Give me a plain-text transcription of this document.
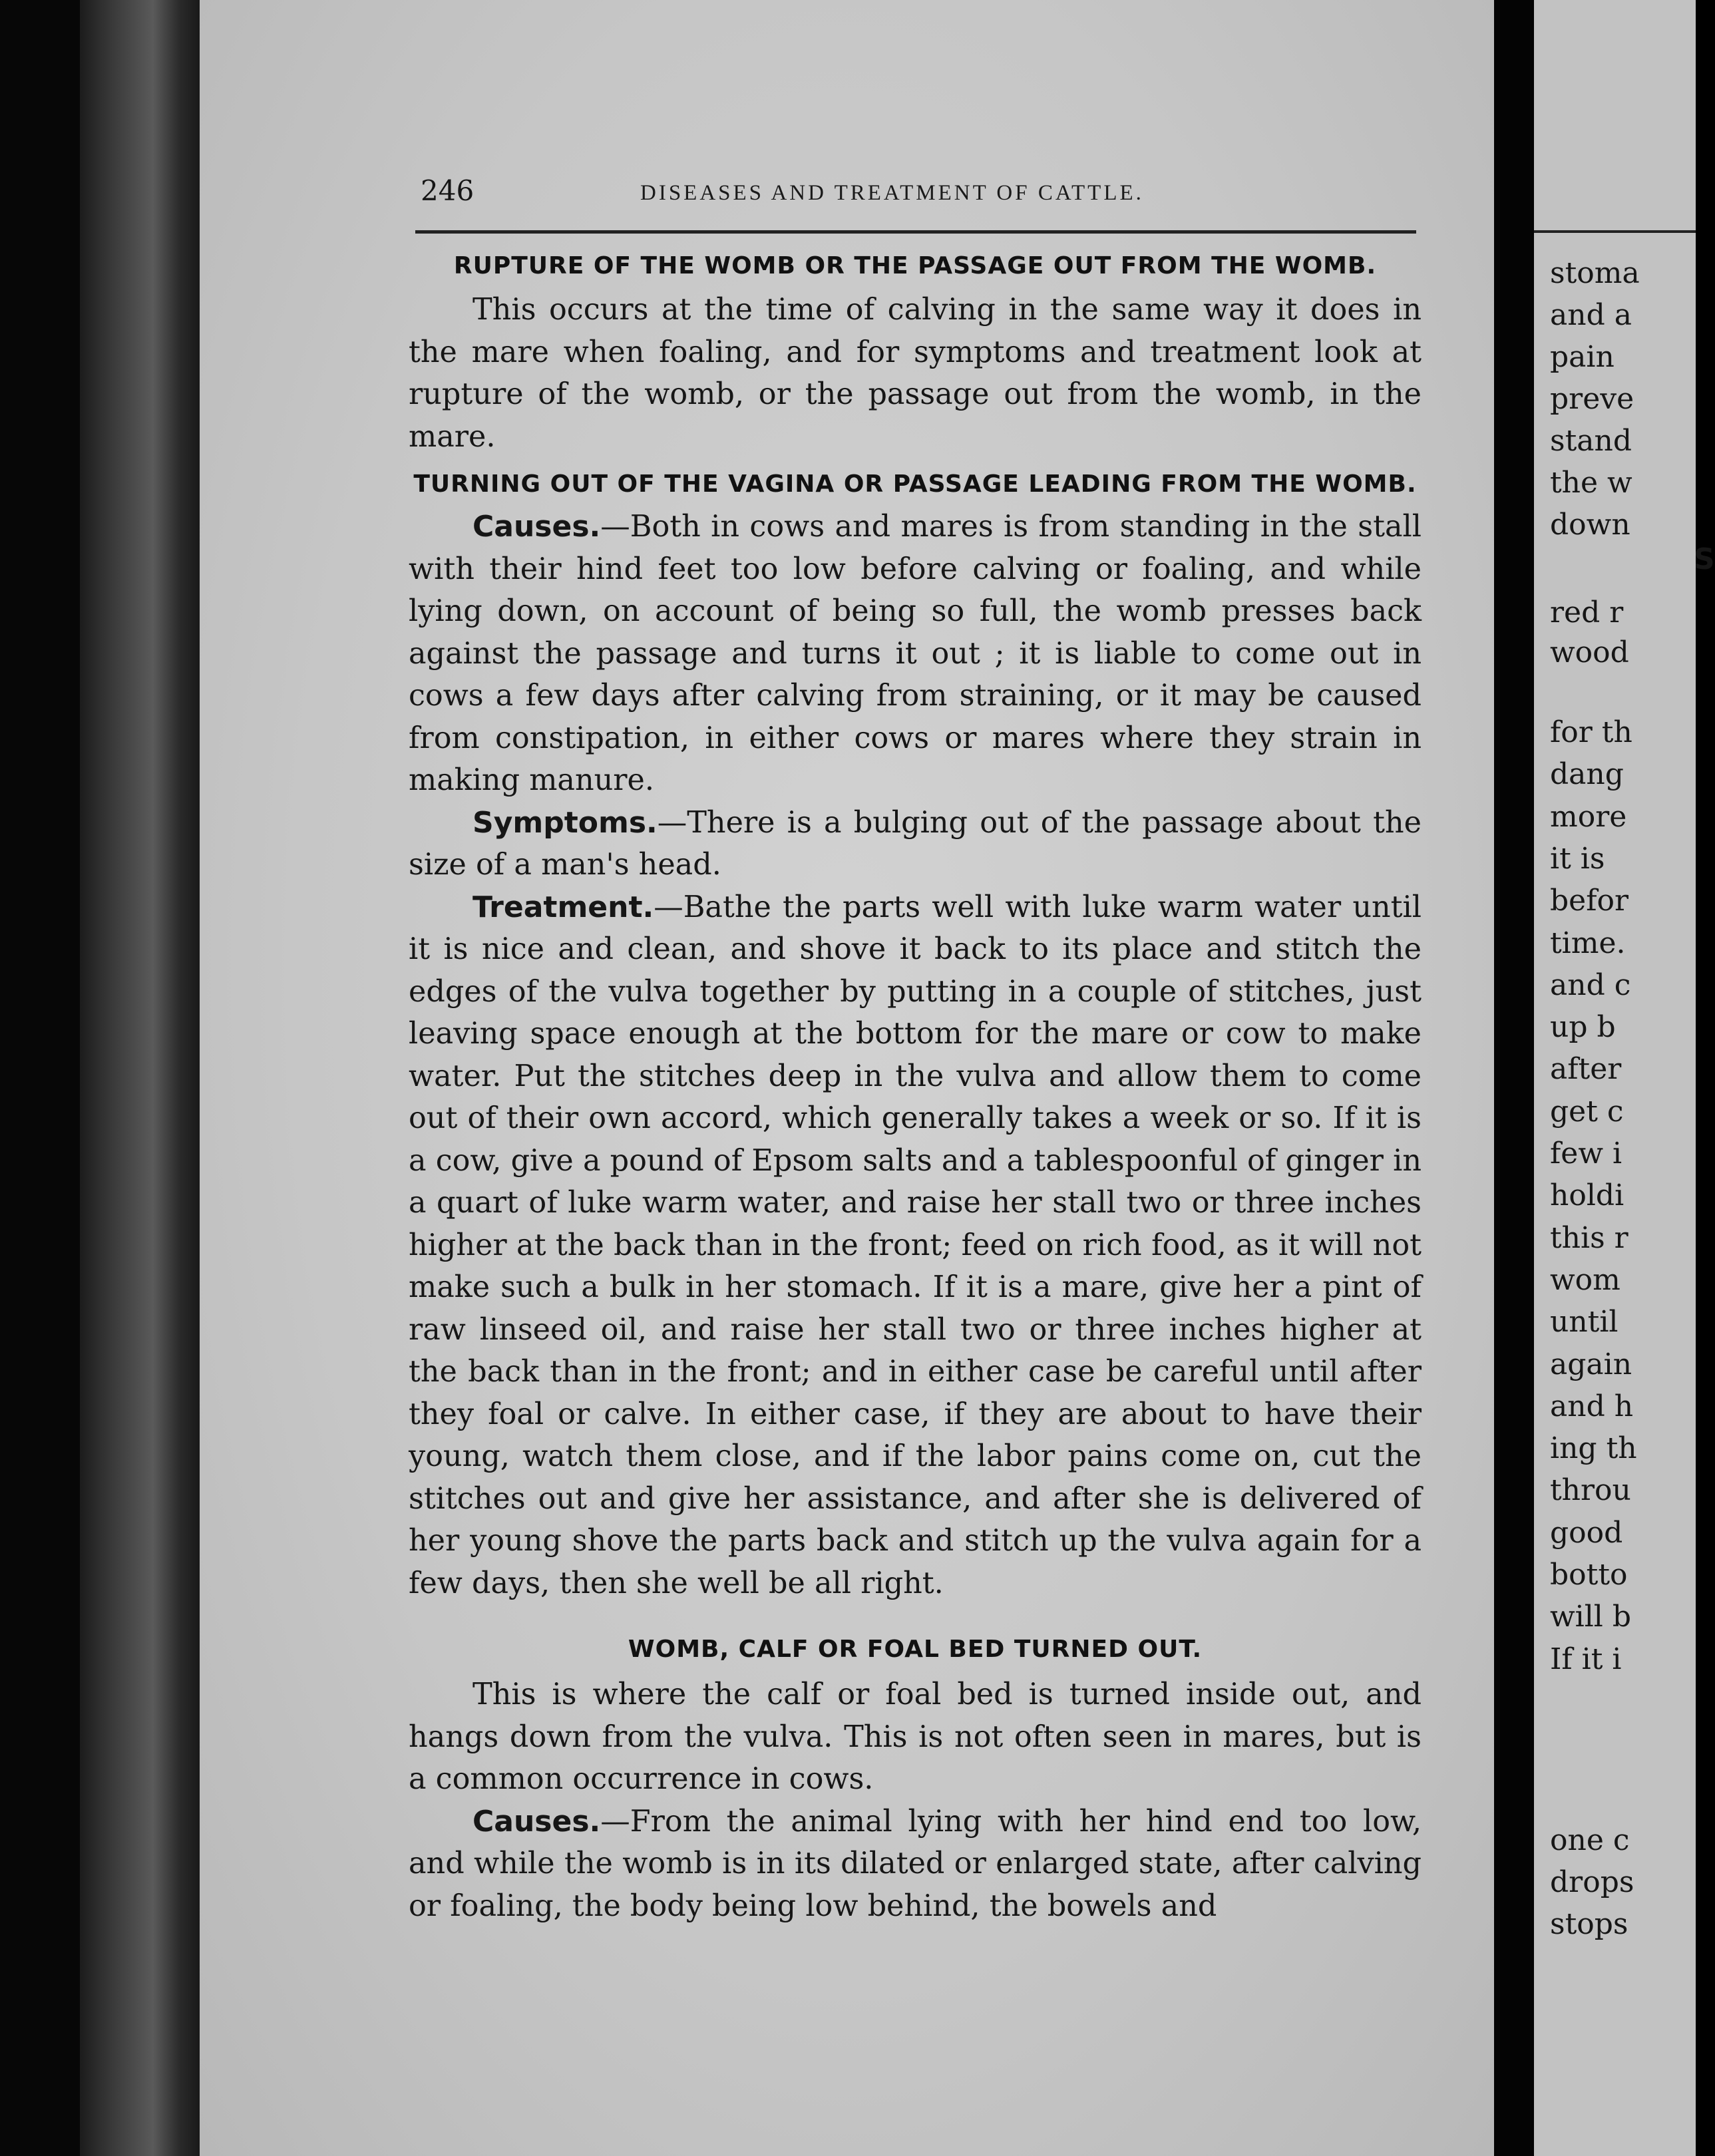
246	DISEASES AND TREATMENT OF CATTLE.
RUPTURE OF THE WOMB OR THE PASSAGE OUT FROM THE WOMB.

This occurs at the time of calving in the same way it does in the mare when foaling, and for symptoms and treatment look at rupture of the womb, or the passage out from the womb, in the mare.

TURNING OUT OF THE VAGINA OR PASSAGE LEADING FROM THE WOMB.

Causes.—Both in cows and mares is from standing in the stall with their hind feet too low before calving or foaling, and while lying down, on account of being so full, the womb presses back against the passage and turns it out ; it is liable to come out in cows a few days after calving from straining, or it may be caused from constipation, in either cows or mares where they strain in making manure.

Symptoms.—There is a bulging out of the passage about the size of a man's head.

Treatment.—Bathe the parts well with luke warm water until it is nice and clean, and shove it back to its place and stitch the edges of the vulva together by putting in a couple of stitches, just leaving space enough at the bottom for the mare or cow to make water. Put the stitches deep in the vulva and allow them to come out of their own accord, which generally takes a week or so. If it is a cow, give a pound of Epsom salts and a tablespoonful of ginger in a quart of luke warm water, and raise her stall two or three inches higher at the back than in the front; feed on rich food, as it will not make such a bulk in her stomach. If it is a mare, give her a pint of raw linseed oil, and raise her stall two or three inches higher at the back than in the front; and in either case be careful until after they foal or calve. In either case, if they are about to have their young, watch them close, and if the labor pains come on, cut the stitches out and give her assistance, and after she is delivered of her young shove the parts back and stitch up the vulva again for a few days, then she well be all right.

WOMB, CALF OR FOAL BED TURNED OUT.

This is where the calf or foal bed is turned inside out, and hangs down from the vulva. This is not often seen in mares, but is a common occurrence in cows.

Causes.—From the animal lying with her hind end too low, and while the womb is in its dilated or enlarged state, after calving or foaling, the body being low behind, the bowels and

stoma
and a
pain
preve
stand
the w
down
S
red r
wood
for th
dang
more
it is
befor
time.
and c
up b
after
get c
few i
holdi
this r
wom
until
again
and h
ing th
throu
good
botto
will b
If it i
one c
drops
stops
